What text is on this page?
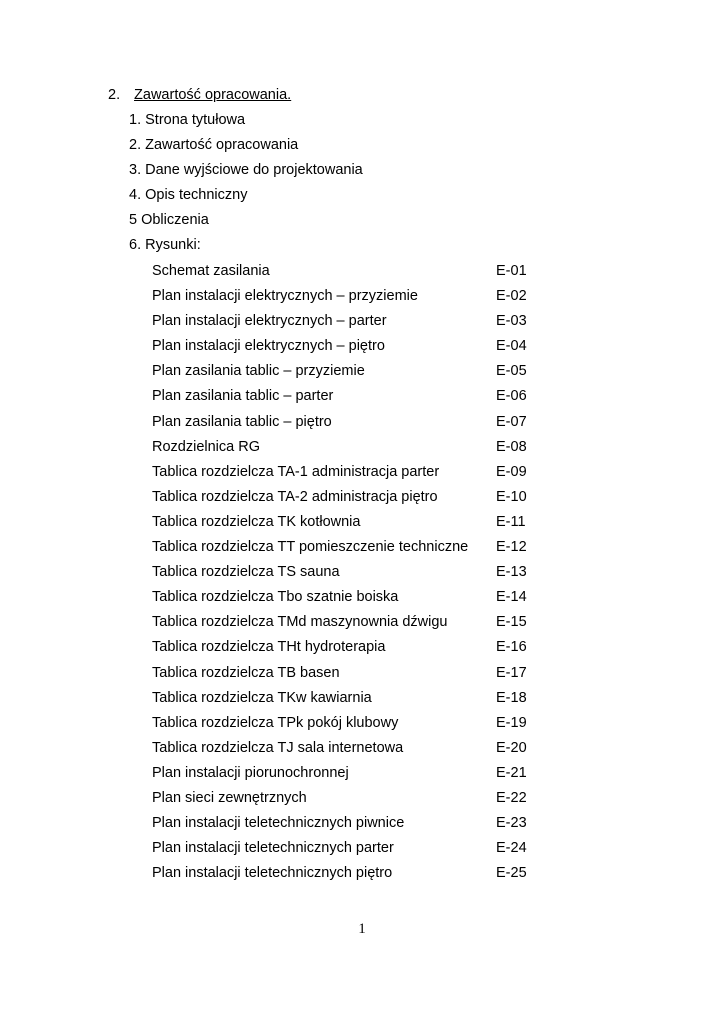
2. Zawartość opracowania.
1. Strona tytułowa
2. Zawartość opracowania
3. Dane wyjściowe do projektowania
4. Opis techniczny
5 Obliczenia
6. Rysunki:
Schemat zasilania	E-01
Plan instalacji elektrycznych – przyziemie	E-02
Plan instalacji elektrycznych – parter	E-03
Plan instalacji elektrycznych – piętro	E-04
Plan zasilania tablic – przyziemie	E-05
Plan zasilania tablic – parter	E-06
Plan zasilania tablic – piętro	E-07
Rozdzielnica RG	E-08
Tablica rozdzielcza TA-1 administracja parter	E-09
Tablica rozdzielcza TA-2 administracja piętro	E-10
Tablica rozdzielcza TK kotłownia	E-11
Tablica rozdzielcza TT pomieszczenie techniczne E-12
Tablica rozdzielcza TS sauna	E-13
Tablica rozdzielcza Tbo szatnie boiska	E-14
Tablica rozdzielcza TMd maszynownia dźwigu	E-15
Tablica rozdzielcza THt hydroterapia	E-16
Tablica rozdzielcza TB basen	E-17
Tablica rozdzielcza TKw kawiarnia	E-18
Tablica rozdzielcza TPk pokój klubowy	E-19
Tablica rozdzielcza TJ sala internetowa	E-20
Plan instalacji piorunochronnej	E-21
Plan sieci zewnętrznych	E-22
Plan instalacji teletechnicznych piwnice	E-23
Plan instalacji teletechnicznych parter	E-24
Plan instalacji teletechnicznych piętro	E-25
1
